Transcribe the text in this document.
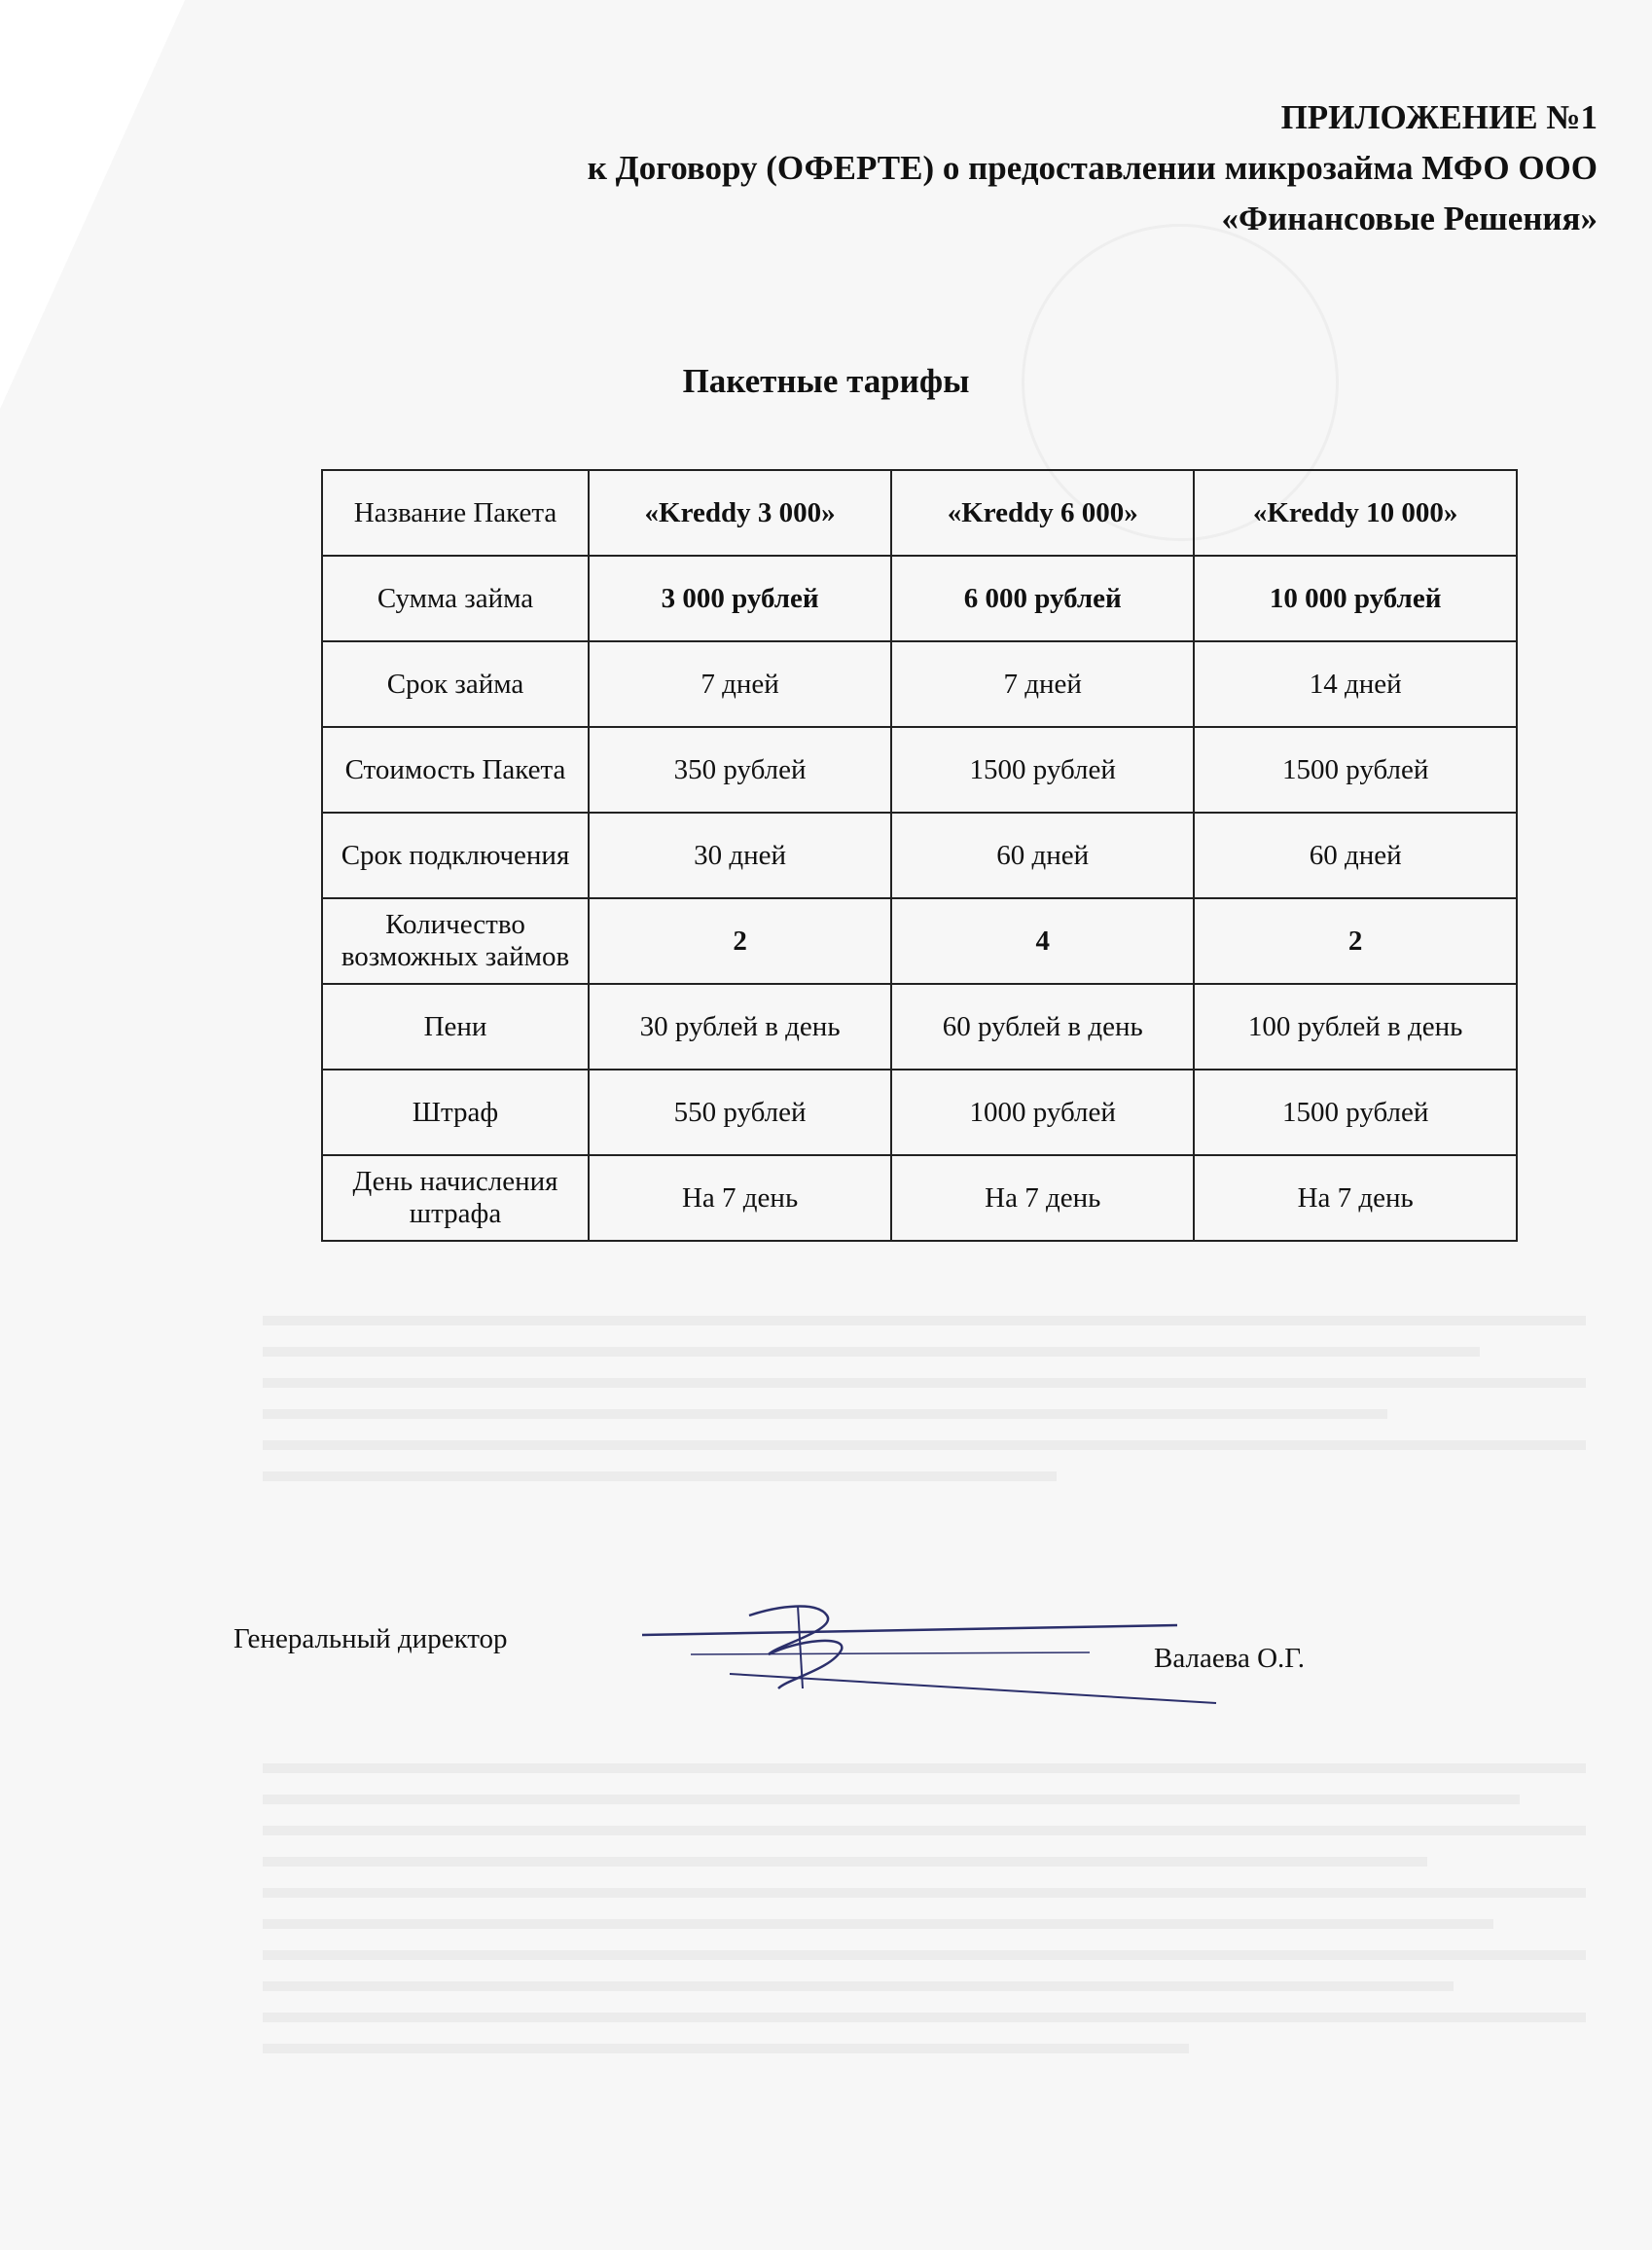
ПРИЛОЖЕНИЕ №1
к Договору (ОФЕРТЕ) о предоставлении микрозайма МФО ООО
«Финансовые Решения»
Пакетные тарифы
Название Пакета	«Kreddy 3 000»	«Kreddy 6 000»	«Kreddy 10 000»
Сумма займа	3 000 рублей	6 000 рублей	10 000 рублей
Срок займа	7 дней	7 дней	14 дней
Стоимость Пакета	350 рублей	1500 рублей	1500 рублей
Срок подключения	30 дней	60 дней	60 дней
Количество возможных займов	2	4	2
Пени	30 рублей в день	60 рублей в день	100 рублей в день
Штраф	550 рублей	1000 рублей	1500 рублей
День начисления штрафа	На 7 день	На 7 день	На 7 день
Генеральный директор
Валаева О.Г.
